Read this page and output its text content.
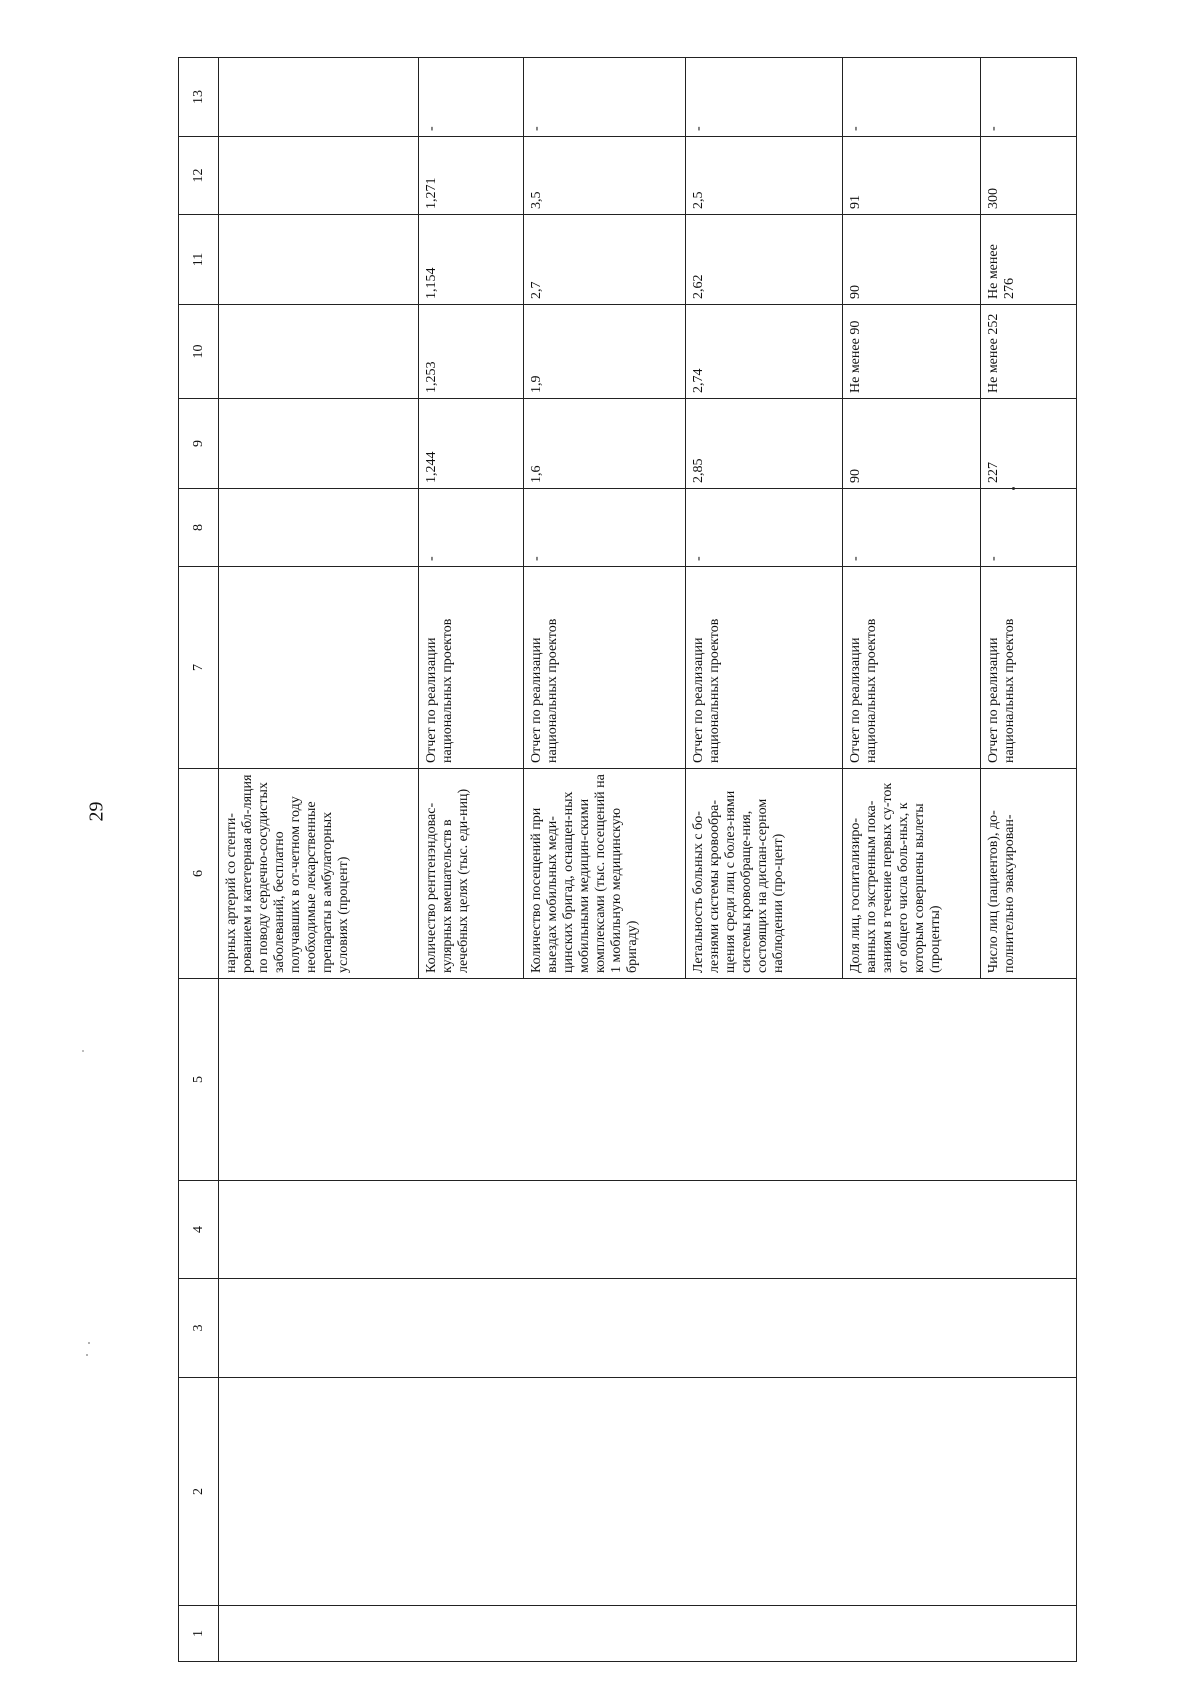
29
1	2	3	4	5	6	7	8	9	10	11	12	13
					нарных артерий со стенти-рованием и катетерная абл-ляция по поводу сердечно-сосудистых заболеваний, бесплатно получавших в от-четном году необходимые лекарственные препараты в амбулаторных условиях (процент)							
					Количество рентгенэндовас-кулярных вмешательств в лечебных целях (тыс. еди-ниц)	Отчет по реализации национальных проектов	-	1,244	1,253	1,154	1,271	-
					Количество посещений при выездах мобильных меди-цинских бригад, оснащен-ных мобильными медицин-скими комплексами (тыс. посещений на 1 мобильную медицинскую бригаду)	Отчет по реализации национальных проектов	-	1,6	1,9	2,7	3,5	-
					Летальность больных с бо-лезнями системы кровообра-щения среди лиц с болез-нями системы кровообраще-ния, состоящих на диспан-серном наблюдении (про-цент)	Отчет по реализации национальных проектов	-	2,85	2,74	2,62	2,5	-
					Доля лиц, госпитализиро-ванных по экстренным пока-заниям в течение первых су-ток от общего числа боль-ных, к которым совершены вылеты (проценты)	Отчет по реализации национальных проектов	-	90	Не менее 90	90	91	-
					Число лиц (пациентов), до-полнительно эвакуирован-	Отчет по реализации национальных проектов	-	227	Не менее 252	Не менее 276	300	-
